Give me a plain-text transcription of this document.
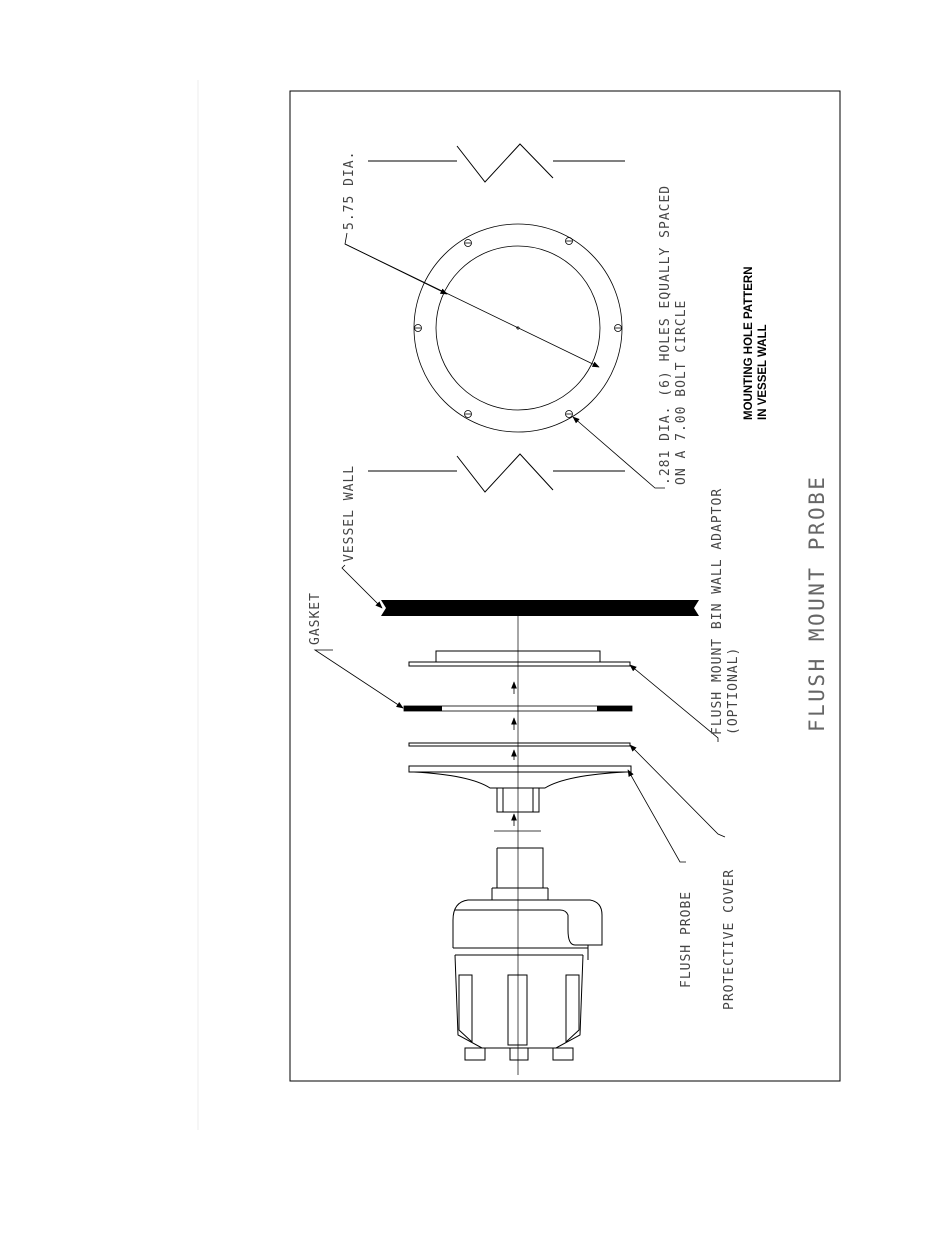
GASKET
VESSEL WALL
5.75 DIA.	.281 DIA. (6) HOLES EQUALLY SPACED ON A 7.00 BOLT CIRCLE	MOUNTING HOLE PATTERN IN VESSEL WALL
FLUSH MOUNT BIN WALL ADAPTOR (OPTIONAL)
FLUSH PROBE PROTECTIVE COVER
FLUSH MOUNT PROBE
